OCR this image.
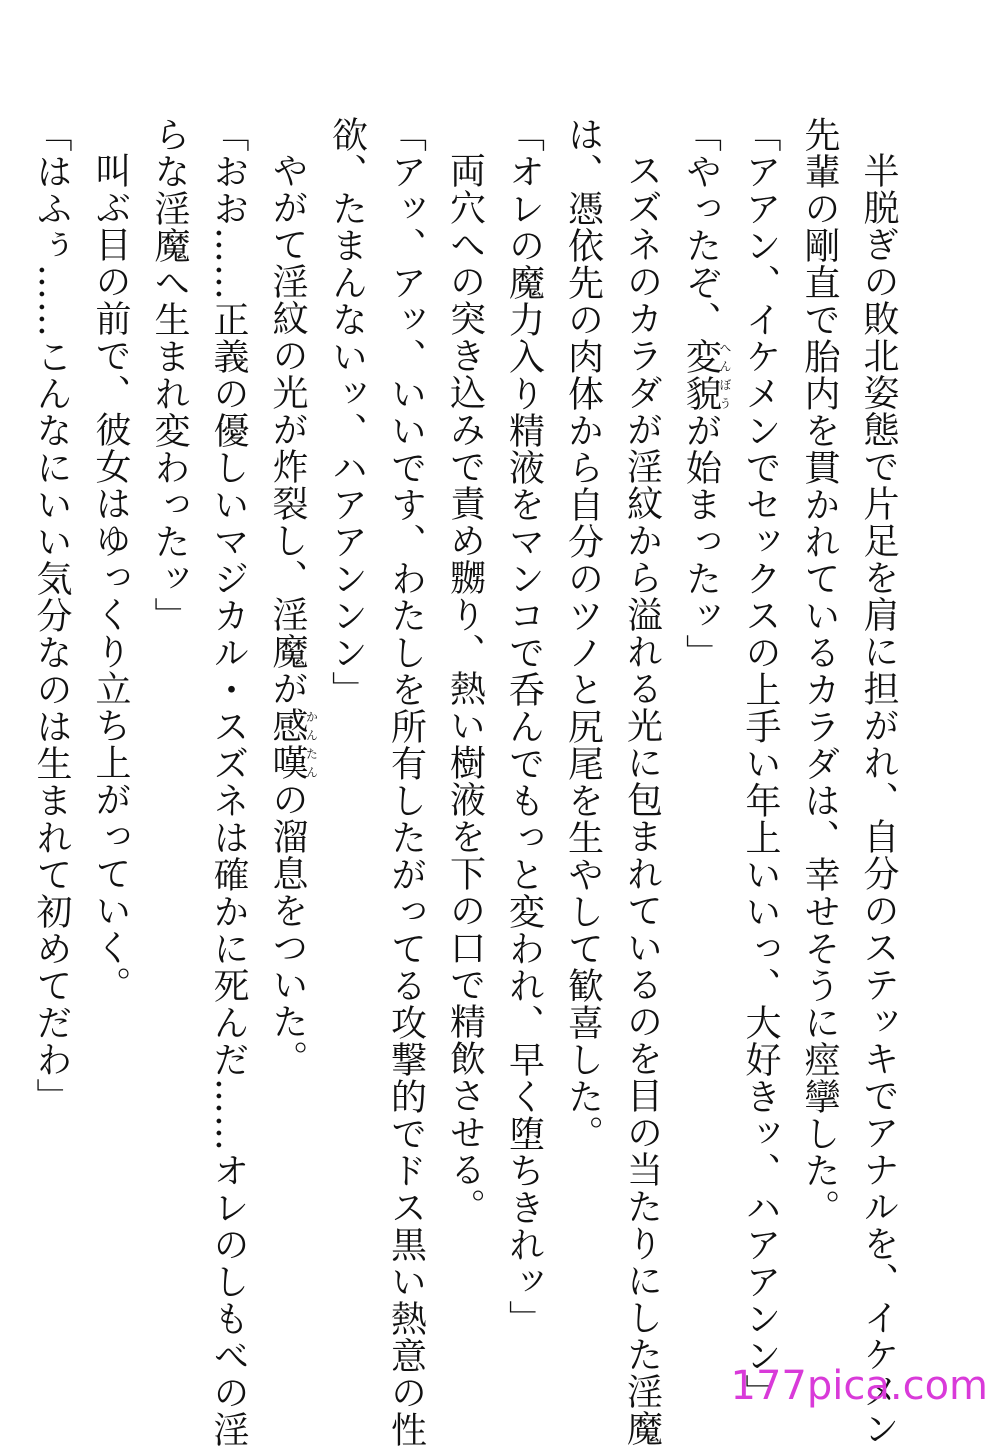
半脱ぎの敗北姿態で片足を肩に担がれ、自分のステッキでアナルを、イケメン
先輩の剛直で胎内を貫かれているカラダは、幸せそうに痙攣した。
「アアン、イケメンでセックスの上手い年上いいっ、大好きッ、ハアアンン」
「やったぞ、変貌へんぼうが始まったッ」
スズネのカラダが淫紋から溢れる光に包まれているのを目の当たりにした淫魔
は、憑依先の肉体から自分のツノと尻尾を生やして歓喜した。
「オレの魔力入り精液をマンコで呑んでもっと変われ、早く堕ちきれッ」
両穴への突き込みで責め嬲り、熱い樹液を下の口で精飲させる。
「アッ、アッ、いいです、わたしを所有したがってる攻撃的でドス黒い熱意の性
欲、たまんないッ、ハアアンンン」
やがて淫紋の光が炸裂し、淫魔が感嘆かんたんの溜息をついた。
「おお……正義の優しいマジカル・スズネは確かに死んだ……オレのしもべの淫
らな淫魔へ生まれ変わったッ」
叫ぶ目の前で、彼女はゆっくり立ち上がっていく。
「はふぅ……こんなにいい気分なのは生まれて初めてだわ」
177pica.com
